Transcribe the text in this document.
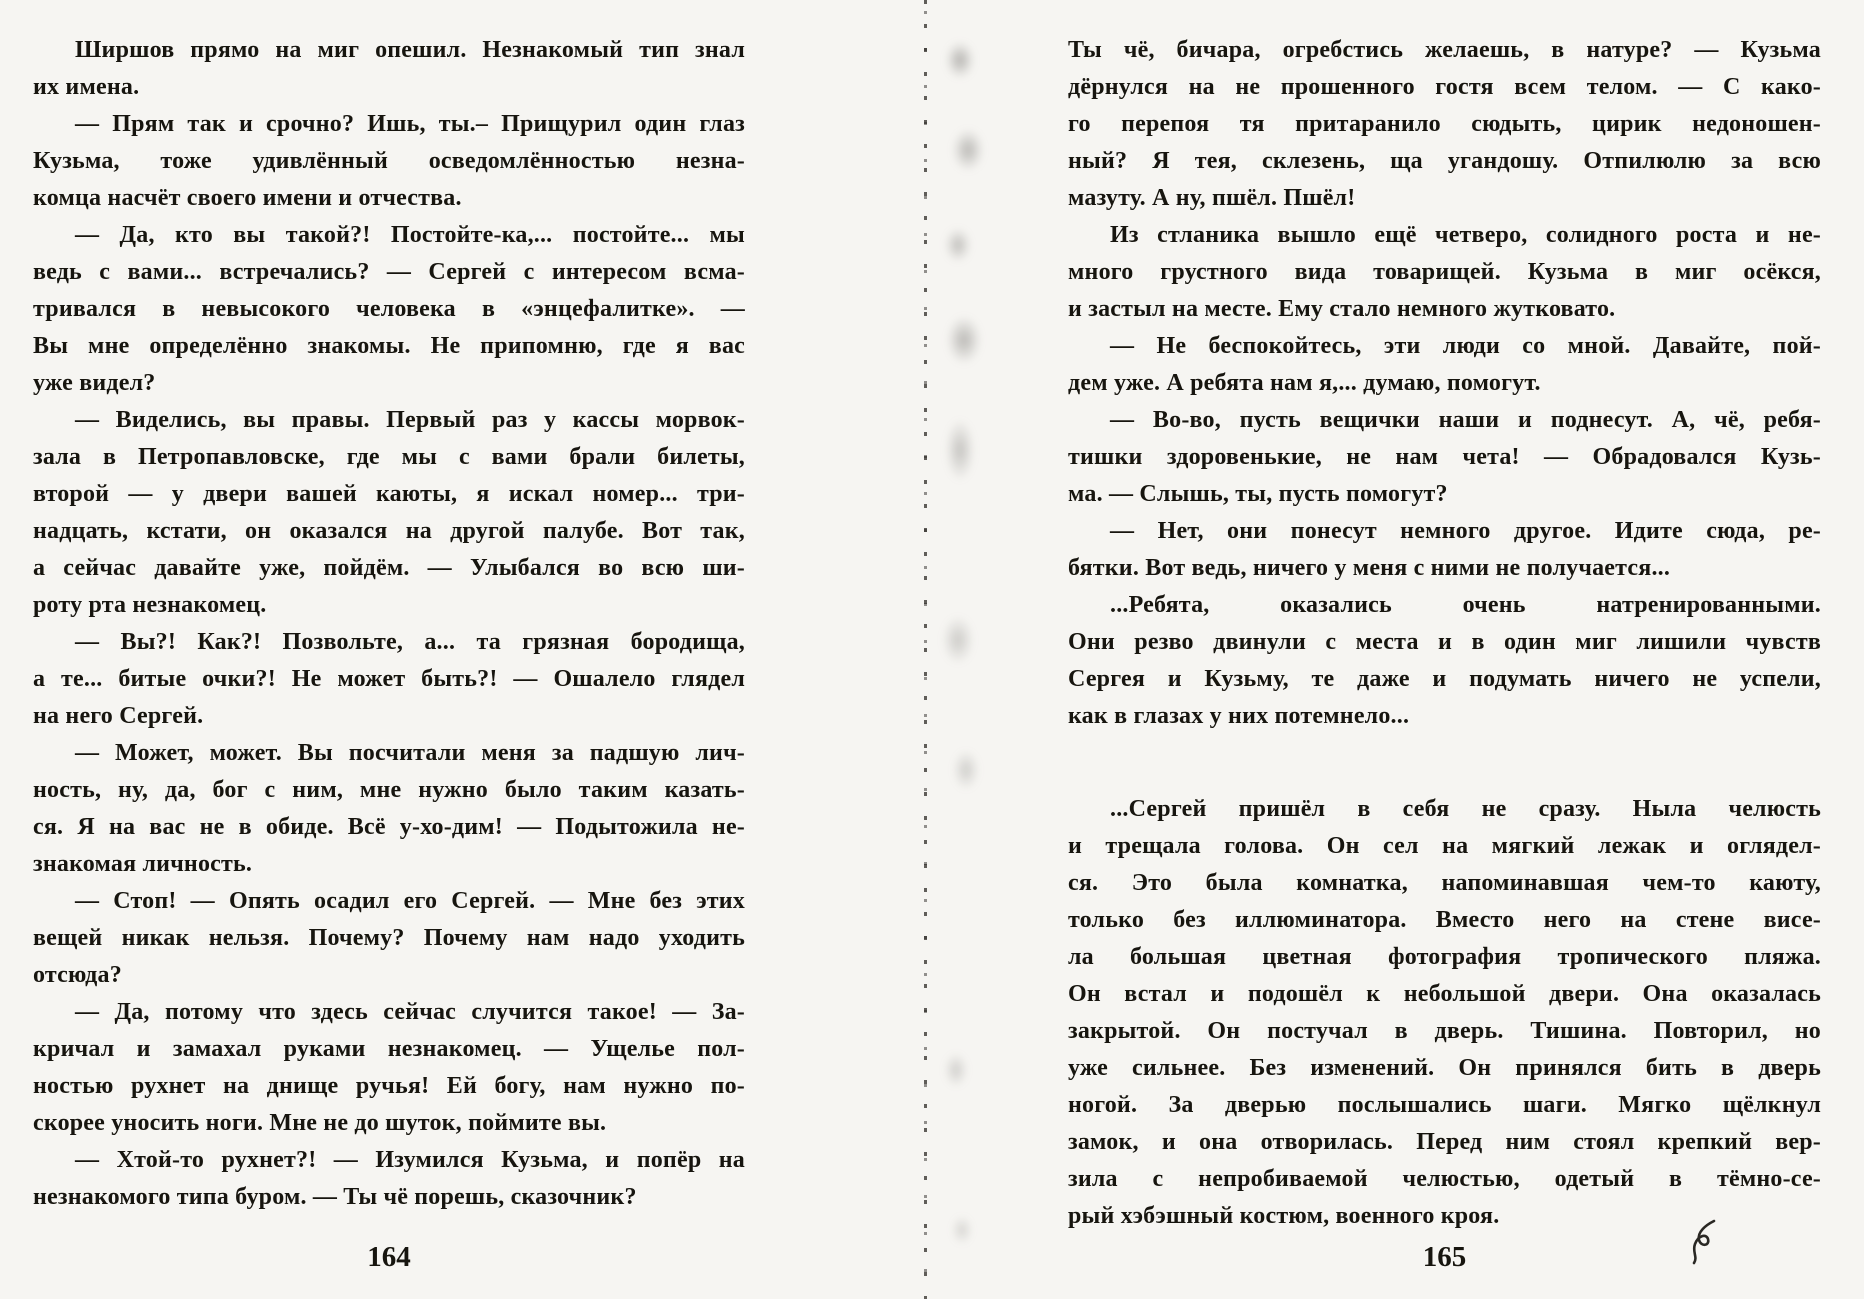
Ширшов прямо на миг опешил. Незнакомый тип знал
их имена.
— Прям так и срочно? Ишь, ты.– Прищурил один глаз
Кузьма, тоже удивлённый осведомлённостью незна-
комца насчёт своего имени и отчества.
— Да, кто вы такой?! Постойте-ка,... постойте... мы
ведь с вами... встречались? — Сергей с интересом всма-
тривался в невысокого человека в «энцефалитке». —
Вы мне определённо знакомы. Не припомню, где я вас
уже видел?
— Виделись, вы правы. Первый раз у кассы морвок-
зала в Петропавловске, где мы с вами брали билеты,
второй — у двери вашей каюты, я искал номер... три-
надцать, кстати, он оказался на другой палубе. Вот так,
а сейчас давайте уже, пойдём. — Улыбался во всю ши-
роту рта незнакомец.
— Вы?! Как?! Позвольте, а... та грязная бородища,
а те... битые очки?! Не может быть?! — Ошалело глядел
на него Сергей.
— Может, может. Вы посчитали меня за падшую лич-
ность, ну, да, бог с ним, мне нужно было таким казать-
ся. Я на вас не в обиде. Всё у-хо-дим! — Подытожила не-
знакомая личность.
— Стоп! — Опять осадил его Сергей. — Мне без этих
вещей никак нельзя. Почему? Почему нам надо уходить
отсюда?
— Да, потому что здесь сейчас случится такое! — За-
кричал и замахал руками незнакомец. — Ущелье пол-
ностью рухнет на днище ручья! Ей богу, нам нужно по-
скорее уносить ноги. Мне не до шуток, поймите вы.
— Хтой-то рухнет?! — Изумился Кузьма, и попёр на
незнакомого типа буром. — Ты чё порешь, сказочник?
164
Ты чё, бичара, огребстись желаешь, в натуре? — Кузьма
дёрнулся на не прошенного гостя всем телом. — С како-
го перепоя тя притаранило сюдыть, цирик недоношен-
ный? Я тея, склезень, ща угандошу. Отпилюлю за всю
мазуту. А ну, пшёл. Пшёл!
Из стланика вышло ещё четверо, солидного роста и не-
много грустного вида товарищей. Кузьма в миг осёкся,
и застыл на месте. Ему стало немного жутковато.
— Не беспокойтесь, эти люди со мной. Давайте, пой-
дем уже. А ребята нам я,... думаю, помогут.
— Во-во, пусть вещички наши и поднесут. А, чё, ребя-
тишки здоровенькие, не нам чета! — Обрадовался Кузь-
ма. — Слышь, ты, пусть помогут?
— Нет, они понесут немного другое. Идите сюда, ре-
бятки. Вот ведь, ничего у меня с ними не получается...
...Ребята, оказались очень натренированными.
Они резво двинули с места и в один миг лишили чувств
Сергея и Кузьму, те даже и подумать ничего не успели,
как в глазах у них потемнело...
...Сергей пришёл в себя не сразу. Ныла челюсть
и трещала голова. Он сел на мягкий лежак и оглядел-
ся. Это была комнатка, напоминавшая чем-то каюту,
только без иллюминатора. Вместо него на стене висе-
ла большая цветная фотография тропического пляжа.
Он встал и подошёл к небольшой двери. Она оказалась
закрытой. Он постучал в дверь. Тишина. Повторил, но
уже сильнее. Без изменений. Он принялся бить в дверь
ногой. За дверью послышались шаги. Мягко щёлкнул
замок, и она отворилась. Перед ним стоял крепкий вер-
зила с непробиваемой челюстью, одетый в тёмно-се-
рый хэбэшный костюм, военного кроя.
165
